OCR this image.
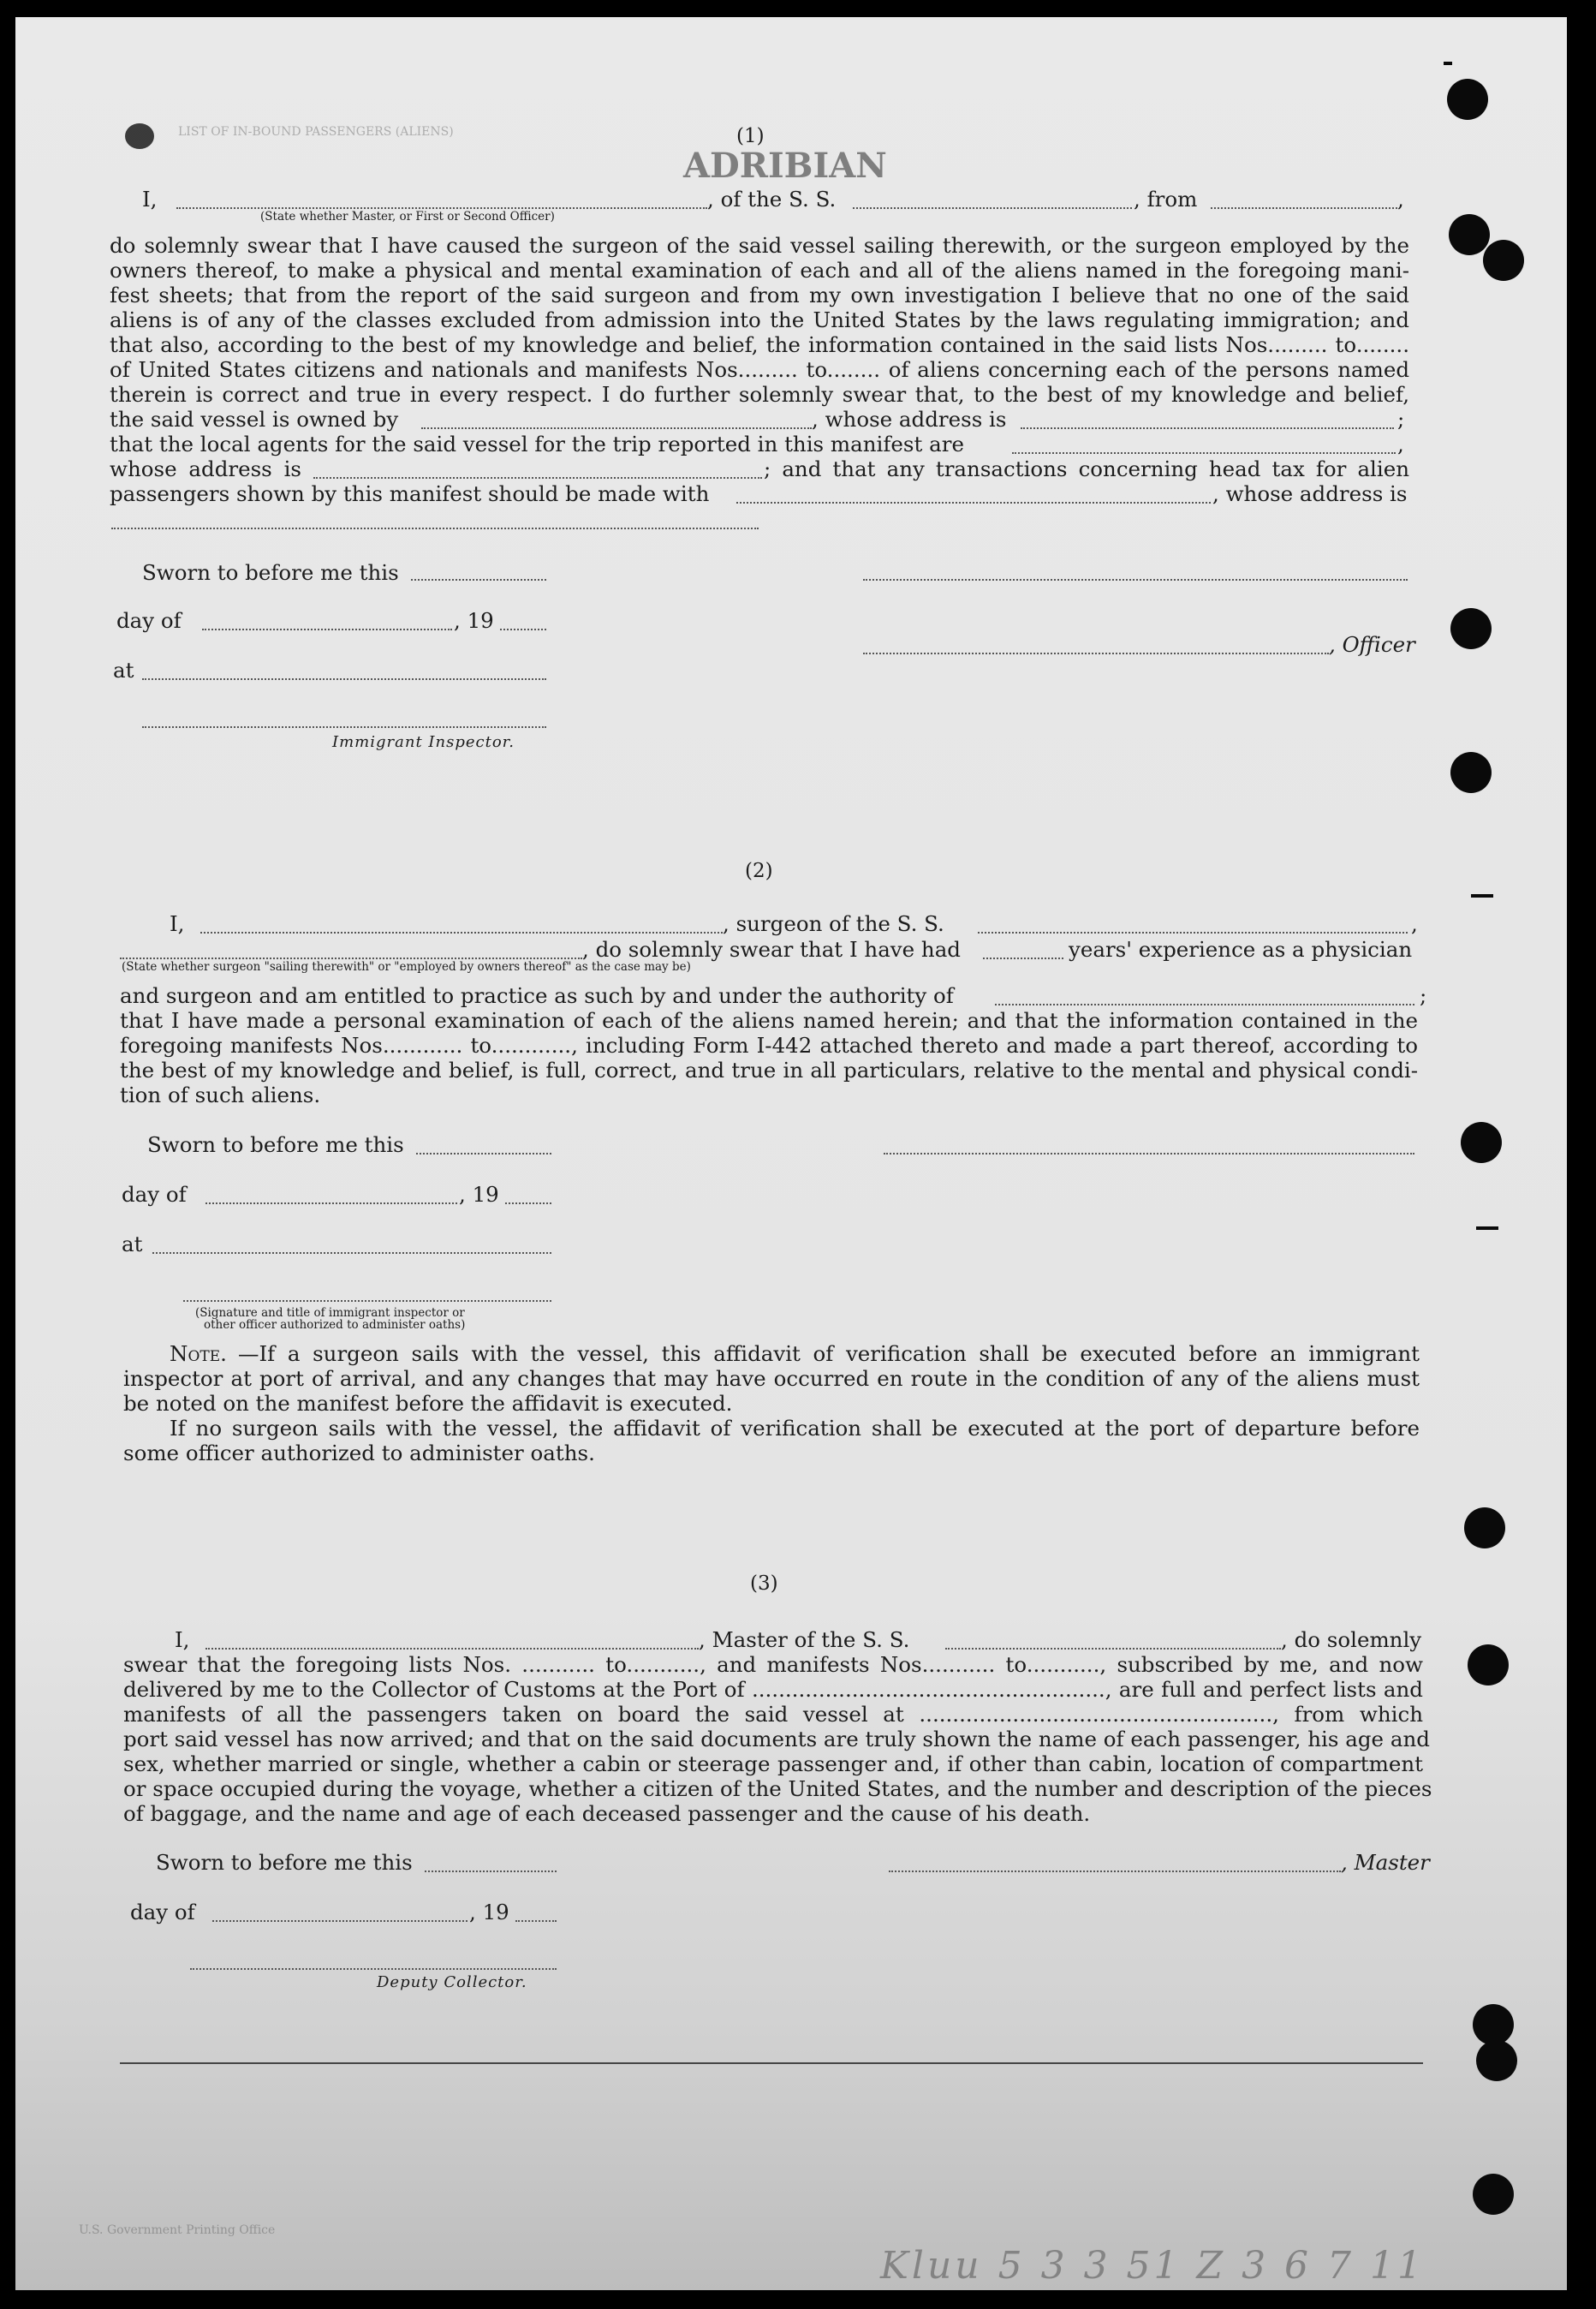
ADRIBIAN
LIST OF IN-BOUND PASSENGERS (ALIENS)	(1)
I,	, of the S. S.	, from	,
(State whether Master, or First or Second Officer)
do solemnly swear that I have caused the surgeon of the said vessel sailing therewith, or the surgeon employed by the
owners thereof, to make a physical and mental examination of each and all of the aliens named in the foregoing mani-
fest sheets; that from the report of the said surgeon and from my own investigation I believe that no one of the said
aliens is of any of the classes excluded from admission into the United States by the laws regulating immigration; and
that also, according to the best of my knowledge and belief, the information contained in the said lists Nos......... to........
of United States citizens and nationals and manifests Nos......... to........ of aliens concerning each of the persons named
therein is correct and true in every respect. I do further solemnly swear that, to the best of my knowledge and belief,
the said vessel is owned by	, whose address is	;
that the local agents for the said vessel for the trip reported in this manifest are	,
whose address is	; and that any transactions concerning head tax for alien
passengers shown by this manifest should be made with	, whose address is
Sworn to before me this
day of	, 19
, Officer
at
Immigrant Inspector.
(2)
I,	, surgeon of the S. S.	,
, do solemnly swear that I have had	years' experience as a physician
(State whether surgeon "sailing therewith" or "employed by owners thereof" as the case may be)
and surgeon and am entitled to practice as such by and under the authority of	;
that I have made a personal examination of each of the aliens named herein; and that the information contained in the
foregoing manifests Nos............ to............, including Form I-442 attached thereto and made a part thereof, according to
the best of my knowledge and belief, is full, correct, and true in all particulars, relative to the mental and physical condi-
tion of such aliens.
Sworn to before me this
day of	, 19
at
(Signature and title of immigrant inspector or
other officer authorized to administer oaths)
Note. —If a surgeon sails with the vessel, this affidavit of verification shall be executed before an immigrant
inspector at port of arrival, and any changes that may have occurred en route in the condition of any of the aliens must
be noted on the manifest before the affidavit is executed.
If no surgeon sails with the vessel, the affidavit of verification shall be executed at the port of departure before
some officer authorized to administer oaths.
(3)
I,	, Master of the S. S.	, do solemnly
swear that the foregoing lists Nos. ........... to..........., and manifests Nos........... to..........., subscribed by me, and now
delivered by me to the Collector of Customs at the Port of ....................................................., are full and perfect lists and
manifests of all the passengers taken on board the said vessel at ....................................................., from which
port said vessel has now arrived; and that on the said documents are truly shown the name of each passenger, his age and
sex, whether married or single, whether a cabin or steerage passenger and, if other than cabin, location of compartment
or space occupied during the voyage, whether a citizen of the United States, and the number and description of the pieces
of baggage, and the name and age of each deceased passenger and the cause of his death.
Sworn to before me this	, Master
day of	, 19
Deputy Collector.
Kluu 5 3 3 51 Z 3 6 7 11
U.S. Government Printing Office
